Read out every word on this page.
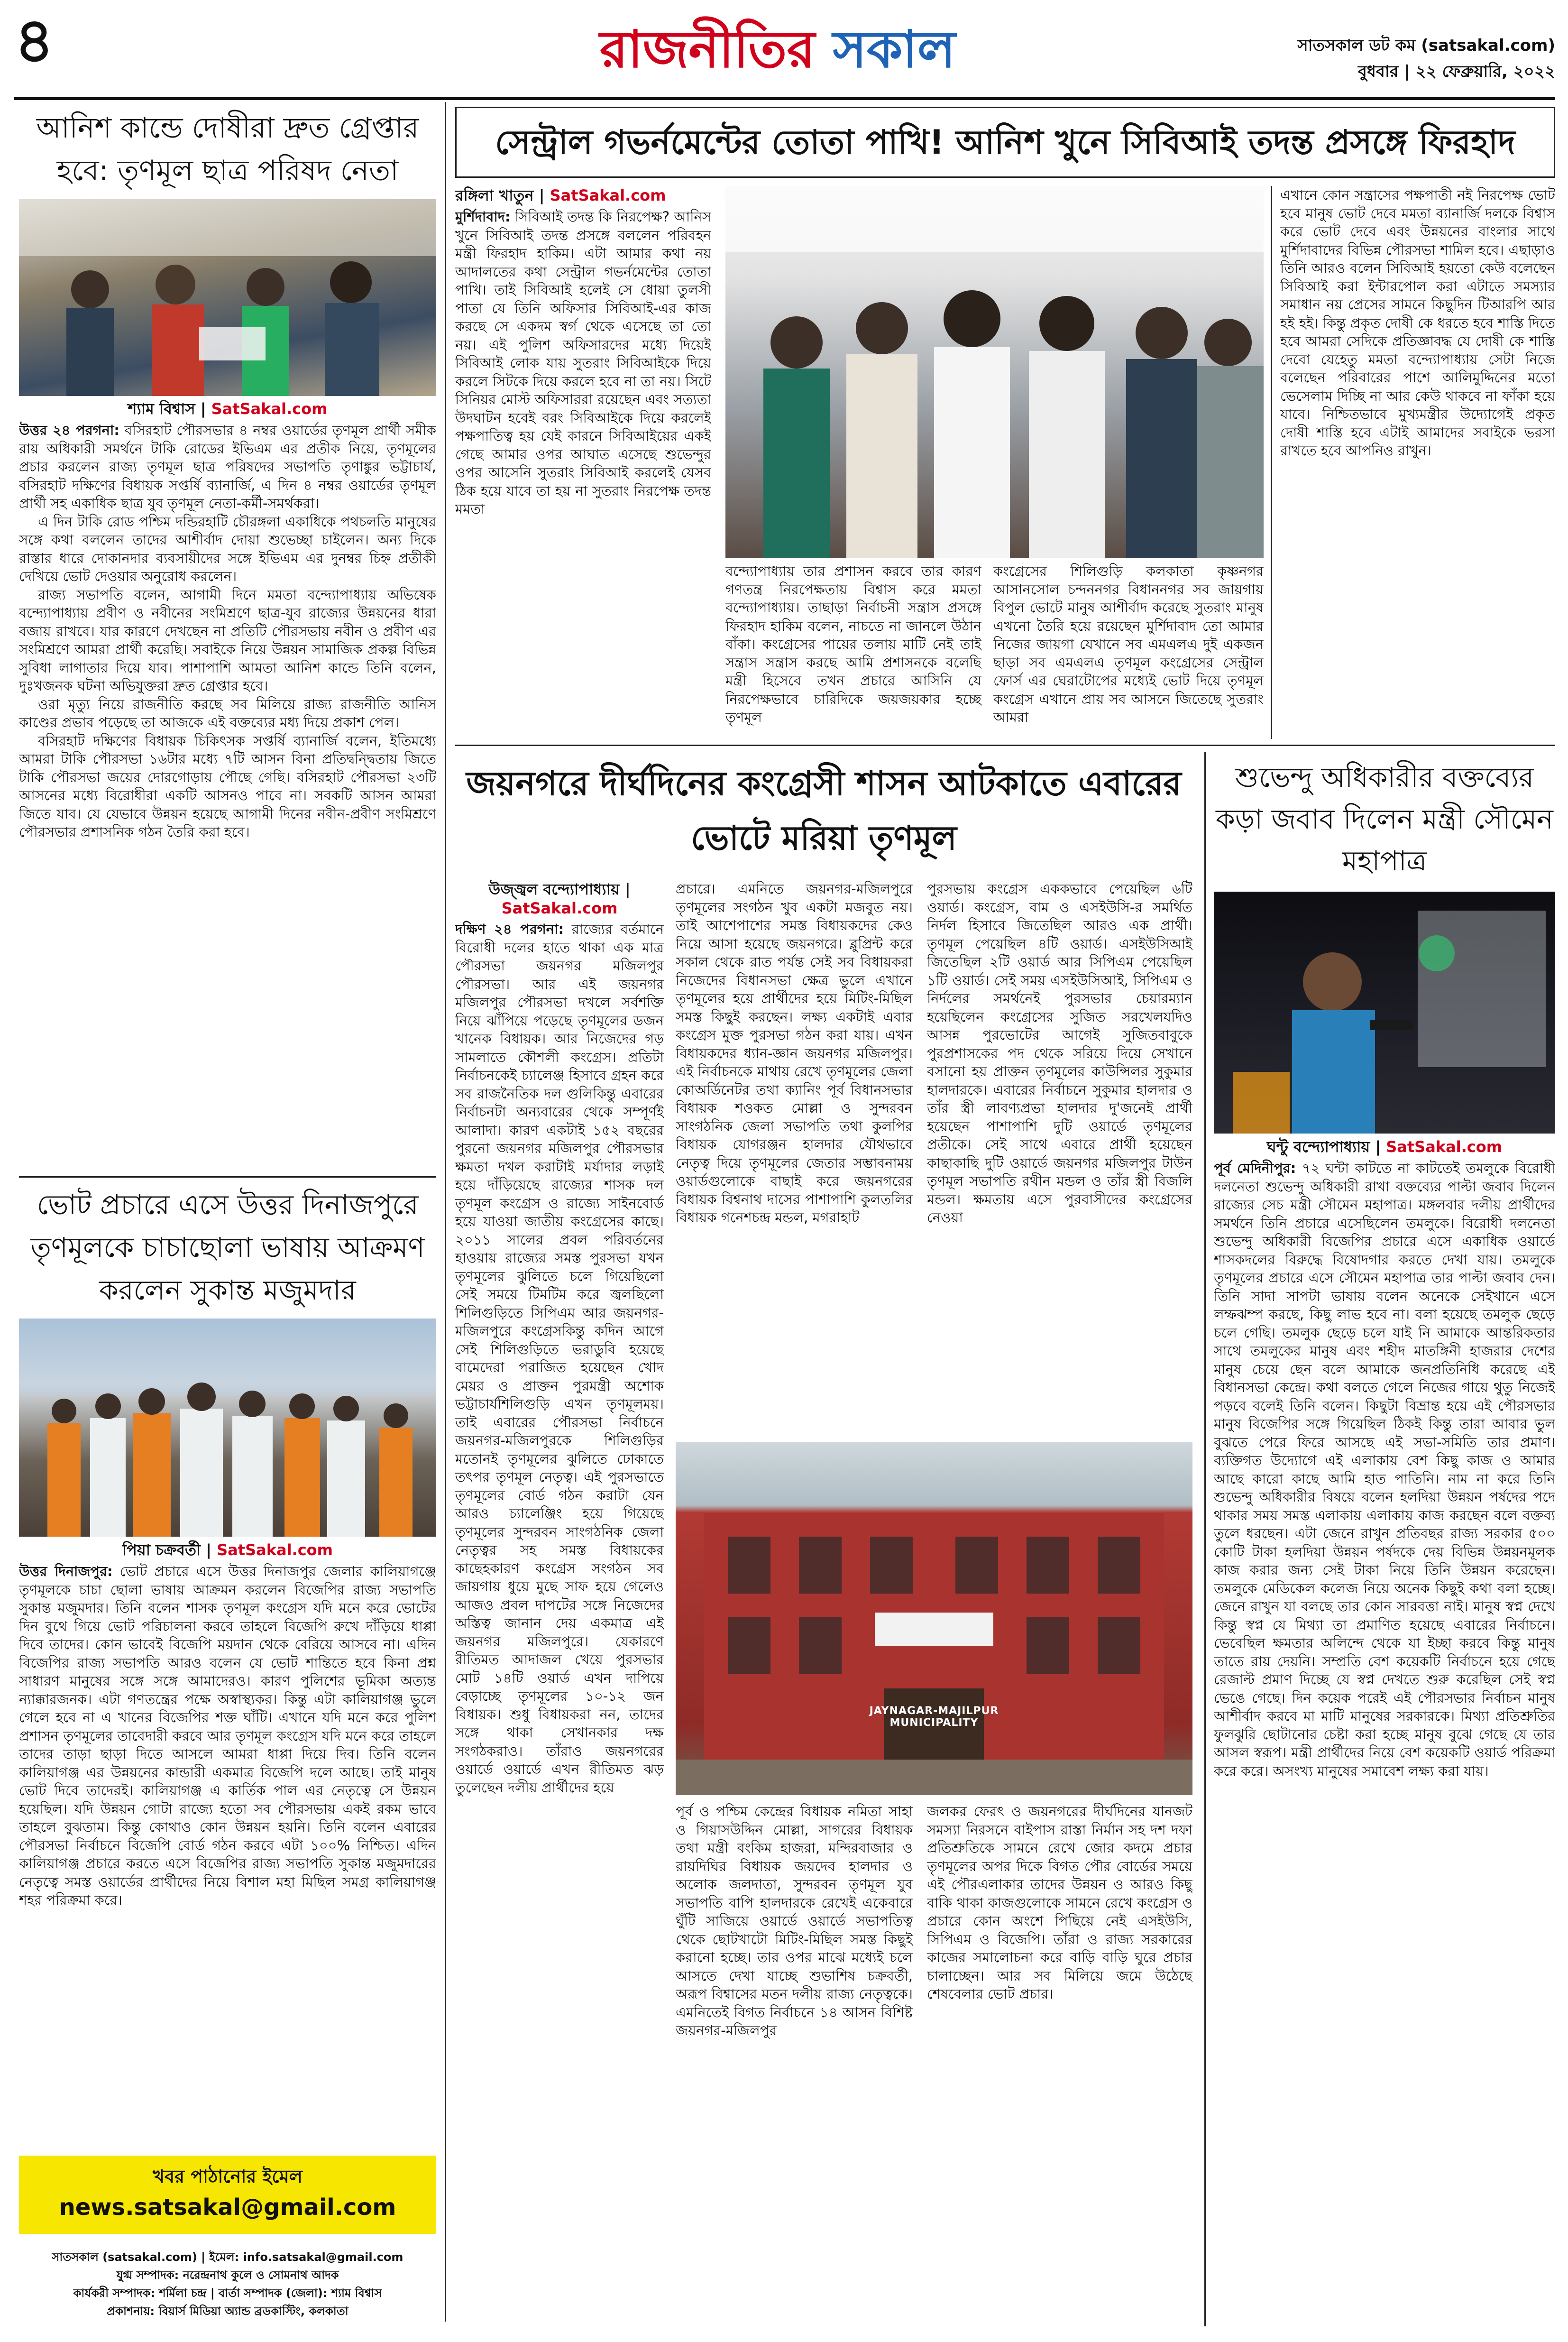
৪	রাজনীতির সকাল	সাতসকাল ডট কম (satsakal.com)
বুধবার | ২২ ফেব্রুয়ারি, ২০২২
আনিশ কান্ডে দোষীরা দ্রুত গ্রেপ্তার হবে: তৃণমূল ছাত্র পরিষদ নেতা
শ্যাম বিশ্বাস | SatSakal.com

উত্তর ২৪ পরগনা: বসিরহাট পৌরসভার ৪ নম্বর ওয়ার্ডের তৃণমূল প্রার্থী সমীক রায় অধিকারী সমর্থনে টাকি রোডের ইভিএম এর প্রতীক নিয়ে, তৃণমূলের প্রচার করলেন রাজ্য তৃণমূল ছাত্র পরিষদের সভাপতি তৃণাঙ্কুর ভট্টাচার্য, বসিরহাট দক্ষিণের বিধায়ক সপ্তর্ষি ব্যানার্জি, এ দিন ৪ নম্বর ওয়ার্ডের তৃণমূল প্রার্থী সহ একাধিক ছাত্র যুব তৃণমূল নেতা-কর্মী-সমর্থকরা।

এ দিন টাকি রোড পশ্চিম দন্ডিরহাটি চৌরঙ্গলা একাধিকে পথচলতি মানুষের সঙ্গে কথা বললেন তাদের আশীর্বাদ দোয়া শুভেচ্ছা চাইলেন। অন্য দিকে রাস্তার ধারে দোকানদার ব্যবসায়ীদের সঙ্গে ইভিএম এর দুনম্বর চিহ্ন প্রতীকী দেখিয়ে ভোট দেওয়ার অনুরোধ করলেন।

রাজ্য সভাপতি বলেন, আগামী দিনে মমতা বন্দ্যোপাধ্যায় অভিষেক বন্দ্যোপাধ্যায় প্রবীণ ও নবীনের সংমিশ্রণে ছাত্র-যুব রাজ্যের উন্নয়নের ধারা বজায় রাখবে। যার কারণে দেখছেন না প্রতিটি পৌরসভায় নবীন ও প্রবীণ এর সংমিশ্রণে আমরা প্রার্থী করেছি। সবাইকে নিয়ে উন্নয়ন সামাজিক প্রকল্প বিভিন্ন সুবিধা লাগাতার দিয়ে যাব। পাশাপাশি আমতা আনিশ কান্ডে তিনি বলেন, দুঃখজনক ঘটনা অভিযুক্তরা দ্রুত গ্রেপ্তার হবে।

ওরা মৃত্যু নিয়ে রাজনীতি করছে সব মিলিয়ে রাজ্য রাজনীতি আনিস কাণ্ডের প্রভাব পড়েছে তা আজকে এই বক্তব্যের মধ্য দিয়ে প্রকাশ পেল।

বসিরহাট দক্ষিণের বিধায়ক চিকিৎসক সপ্তর্ষি ব্যানার্জি বলেন, ইতিমধ্যে আমরা টাকি পৌরসভা ১৬টার মধ্যে ৭টি আসন বিনা প্রতিদ্বন্দ্বিতায় জিতে টাকি পৌরসভা জয়ের দোরগোড়ায় পৌছে গেছি। বসিরহাট পৌরসভা ২৩টি আসনের মধ্যে বিরোধীরা একটি আসনও পাবে না। সবকটি আসন আমরা জিতে যাব। যে যেভাবে উন্নয়ন হয়েছে আগামী দিনের নবীন-প্রবীণ সংমিশ্রণে পৌরসভার প্রশাসনিক গঠন তৈরি করা হবে।

ভোট প্রচারে এসে উত্তর দিনাজপুরে তৃণমূলকে চাচাছোলা ভাষায় আক্রমণ করলেন সুকান্ত মজুমদার
পিয়া চক্রবর্তী | SatSakal.com

উত্তর দিনাজপুর: ভোট প্রচারে এসে উত্তর দিনাজপুর জেলার কালিয়াগঞ্জে তৃণমূলকে চাচা ছোলা ভাষায় আক্রমন করলেন বিজেপির রাজ্য সভাপতি সুকান্ত মজুমদার। তিনি বলেন শাসক তৃণমূল কংগ্রেস যদি মনে করে ভোটের দিন বুথে গিয়ে ভোট পরিচালনা করবে তাহলে বিজেপি রুখে দাঁড়িয়ে ধাপ্পা দিবে তাদের। কোন ভাবেই বিজেপি ময়দান থেকে বেরিয়ে আসবে না। এদিন বিজেপির রাজ্য সভাপতি আরও বলেন যে ভোট শান্তিতে হবে কিনা প্রশ্ন সাধারণ মানুষের সঙ্গে সঙ্গে আমাদেরও। কারণ পুলিশের ভূমিকা অত্যন্ত ন্যাক্কারজনক। এটা গণতন্ত্রের পক্ষে অস্বাস্থ্যকর। কিন্তু এটা কালিয়াগঞ্জ ভুলে গেলে হবে না এ খানের বিজেপির শক্ত ঘাঁটি। এখানে যদি মনে করে পুলিশ প্রশাসন তৃণমূলের তাবেদারী করবে আর তৃণমূল কংগ্রেস যদি মনে করে তাহলে তাদের তাড়া ছাড়া দিতে আসলে আমরা ধাপ্পা দিয়ে দিব। তিনি বলেন কালিয়াগঞ্জ এর উন্নয়নের কান্ডারী একমাত্র বিজেপি দলে আছে। তাই মানুষ ভোট দিবে তাদেরই। কালিয়াগঞ্জ এ কার্তিক পাল এর নেতৃত্বে সে উন্নয়ন হয়েছিল। যদি উন্নয়ন গোটা রাজ্যে হতো সব পৌরসভায় একই রকম ভাবে তাহলে বুঝতাম। কিন্তু কোথাও কোন উন্নয়ন হয়নি। তিনি বলেন এবারের পৌরসভা নির্বাচনে বিজেপি বোর্ড গঠন করবে এটা ১০০% নিশ্চিত। এদিন কালিয়াগঞ্জ প্রচারে করতে এসে বিজেপির রাজ্য সভাপতি সুকান্ত মজুমদারের নেতৃত্বে সমস্ত ওয়ার্ডের প্রার্থীদের নিয়ে বিশাল মহা মিছিল সমগ্র কালিয়াগঞ্জ শহর পরিক্রমা করে।

খবর পাঠানোর ইমেল
news.satsakal@gmail.com
সাতসকাল (satsakal.com) | ইমেল: info.satsakal@gmail.com
যুগ্ম সম্পাদক: নরেন্দ্রনাথ কুলে ও সোমনাথ আদক
কার্যকরী সম্পাদক: শর্মিলা চন্দ্র | বার্তা সম্পাদক (জেলা): শ্যাম বিশ্বাস
প্রকাশনায়: বিয়ার্স মিডিয়া অ্যান্ড ব্রডকাস্টিং, কলকাতা
সেন্ট্রাল গভর্নমেন্টের তোতা পাখি! আনিশ খুনে সিবিআই তদন্ত প্রসঙ্গে ফিরহাদ
রঙ্গিলা খাতুন | SatSakal.com

মুর্শিদাবাদ: সিবিআই তদন্ত কি নিরপেক্ষ? আনিস খুনে সিবিআই তদন্ত প্রসঙ্গে বললেন পরিবহন মন্ত্রী ফিরহাদ হাকিম। এটা আমার কথা নয় আদালতের কথা সেন্ট্রাল গভর্নমেন্টের তোতা পাখি। তাই সিবিআই হলেই সে ধোয়া তুলসী পাতা যে তিনি অফিসার সিবিআই-এর কাজ করছে সে একদম স্বর্গ থেকে এসেছে তা তো নয়। এই পুলিশ অফিসারদের মধ্যে দিয়েই সিবিআই লোক যায় সুতরাং সিবিআইকে দিয়ে করলে সিটকে দিয়ে করলে হবে না তা নয়। সিটে সিনিয়র মোস্ট অফিসাররা রয়েছেন এবং সত্যতা উদঘাটন হবেই বরং সিবিআইকে দিয়ে করলেই পক্ষপাতিত্ব হয় যেই কারনে সিবিআইয়ের একই গেছে আমার ওপর আঘাত এসেছে শুভেন্দুর ওপর আসেনি সুতরাং সিবিআই করলেই যেসব ঠিক হয়ে যাবে তা হয় না সুতরাং নিরপেক্ষ তদন্ত মমতা

বন্দ্যোপাধ্যায় তার প্রশাসন করবে তার কারণ গণতন্ত্র নিরপেক্ষতায় বিশ্বাস করে মমতা বন্দ্যোপাধ্যায়। তাছাড়া নির্বাচনী সন্ত্রাস প্রসঙ্গে ফিরহাদ হাকিম বলেন, নাচতে না জানলে উঠান বাঁকা। কংগ্রেসের পায়ের তলায় মাটি নেই তাই সন্ত্রাস সন্ত্রাস করছে আমি প্রশাসনকে বলেছি মন্ত্রী হিসেবে তখন প্রচারে আসিনি যে নিরপেক্ষভাবে চারিদিকে জয়জয়কার হচ্ছে তৃণমূল
কংগ্রেসের শিলিগুড়ি কলকাতা কৃষ্ণনগর আসানসোল চন্দননগর বিধাননগর সব জায়গায় বিপুল ভোটে মানুষ আশীর্বাদ করেছে সুতরাং মানুষ এখনো তৈরি হয়ে রয়েছেন মুর্শিদাবাদ তো আমার নিজের জায়গা যেখানে সব এমএলএ দুই একজন ছাড়া সব এমএলএ তৃণমূল কংগ্রেসের সেন্ট্রাল ফোর্স এর ঘেরাটোপের মধ্যেই ভোট দিয়ে তৃণমূল কংগ্রেস এখানে প্রায় সব আসনে জিতেছে সুতরাং আমরা
এখানে কোন সন্ত্রাসের পক্ষপাতী নই নিরপেক্ষ ভোট হবে মানুষ ভোট দেবে মমতা ব্যানার্জি দলকে বিশ্বাস করে ভোট দেবে এবং উন্নয়নের বাংলার সাথে মুর্শিদাবাদের বিভিন্ন পৌরসভা শামিল হবে। এছাড়াও তিনি আরও বলেন সিবিআই হয়তো কেউ বলেছেন সিবিআই করা ইন্টারপোল করা এটাতে সমস্যার সমাধান নয় প্রেসের সামনে কিছুদিন টিআরপি আর হই হই। কিন্তু প্রকৃত দোষী কে ধরতে হবে শাস্তি দিতে হবে আমরা সেদিকে প্রতিজ্ঞাবদ্ধ যে দোষী কে শাস্তি দেবো যেহেতু মমতা বন্দ্যোপাধ্যায় সেটা নিজে বলেছেন পরিবারের পাশে আলিমুদ্দিনের মতো ভেসেলাম দিচ্ছি না আর কেউ থাকবে না ফাঁকা হয়ে যাবে। নিশ্চিতভাবে মুখ্যমন্ত্রীর উদ্যোগেই প্রকৃত দোষী শাস্তি হবে এটাই আমাদের সবাইকে ভরসা রাখতে হবে আপনিও রাখুন।
জয়নগরে দীর্ঘদিনের কংগ্রেসী শাসন আটকাতে এবারের ভোটে মরিয়া তৃণমূল
উজ্জ্বল বন্দ্যোপাধ্যায় |
SatSakal.com

দক্ষিণ ২৪ পরগনা: রাজ্যের বর্তমানে বিরোধী দলের হাতে থাকা এক মাত্র পৌরসভা জয়নগর মজিলপুর পৌরসভা। আর এই জয়নগর মজিলপুর পৌরসভা দখলে সর্বশক্তি নিয়ে ঝাঁপিয়ে পড়েছে তৃণমূলের ডজন খানেক বিধায়ক। আর নিজেদের গড় সামলাতে কৌশলী কংগ্রেস। প্রতিটা নির্বাচনকেই চ্যালেঞ্জ হিসাবে গ্রহন করে সব রাজনৈতিক দল গুলিকিন্তু এবারের নির্বাচনটা অন্যবারের থেকে সম্পূর্ণই আলাদা। কারণ একটাই ১৫২ বছরের পুরনো জয়নগর মজিলপুর পৌরসভার ক্ষমতা দখল করাটাই মর্যাদার লড়াই হয়ে দাঁড়িয়েছে রাজ্যের শাসক দল তৃণমূল কংগ্রেস ও রাজ্যে সাইনবোর্ড হয়ে যাওয়া জাতীয় কংগ্রেসের কাছে। ২০১১ সালের প্রবল পরিবর্তনের হাওয়ায় রাজ্যের সমস্ত পুরসভা যখন তৃণমূলের ঝুলিতে চলে গিয়েছিলো সেই সময়ে টিমটিম করে জ্বলছিলো শিলিগুড়িতে সিপিএম আর জয়নগর-মজিলপুরে কংগ্রেসকিন্তু কদিন আগে সেই শিলিগুড়িতে ভরাডুবি হয়েছে বামেদেরা পরাজিত হয়েছেন খোদ মেয়র ও প্রাক্তন পুরমন্ত্রী অশোক ভট্টাচার্যশিলিগুড়ি এখন তৃণমূলময়। তাই এবারের পৌরসভা নির্বাচনে জয়নগর-মজিলপুরকে শিলিগুড়ির মতোনই তৃণমূলের ঝুলিতে ঢোকাতে তৎপর তৃণমূল নেতৃত্ব। এই পুরসভাতে তৃণমূলের বোর্ড গঠন করাটা যেন আরও চ্যালেঞ্জিং হয়ে গিয়েছে তৃণমূলের সুন্দরবন সাংগঠনিক জেলা নেতৃত্বর সহ সমস্ত বিধায়কের কাছেহকারণ কংগ্রেস সংগঠন সব জায়গায় ধুয়ে মুছে সাফ হয়ে গেলেও আজও প্রবল দাপটের সঙ্গে নিজেদের অস্তিত্ব জানান দেয় একমাত্র এই জয়নগর মজিলপুরে। যেকারণে রীতিমত আদাজল খেয়ে পুরসভার মোট ১৪টি ওয়ার্ড এখন দাপিয়ে বেড়াচ্ছে তৃণমূলের ১০-১২ জন বিধায়ক। শুধু বিধায়করা নন, তাদের সঙ্গে থাকা সেখানকার দক্ষ সংগঠকরাও। তাঁরাও জয়নগরের ওয়ার্ডে ওয়ার্ডে এখন রীতিমত ঝড় তুলেছেন দলীয় প্রার্থীদের হয়ে

প্রচারে। এমনিতে জয়নগর-মজিলপুরে তৃণমূলের সংগঠন খুব একটা মজবুত নয়। তাই আশেপাশের সমস্ত বিধায়কদের কেও নিয়ে আসা হয়েছে জয়নগরে। ব্লুপ্রিন্ট করে সকাল থেকে রাত পর্যন্ত সেই সব বিধায়করা নিজেদের বিধানসভা ক্ষেত্র ভুলে এখানে তৃণমূলের হয়ে প্রার্থীদের হয়ে মিটিং-মিছিল সমস্ত কিছুই করছেন। লক্ষ্য একটাই এবার কংগ্রেস মুক্ত পুরসভা গঠন করা যায়। এখন বিধায়কদের ধ্যান-জ্ঞান জয়নগর মজিলপুর। এই নির্বাচনকে মাথায় রেখে তৃণমূলের জেলা কোঅর্ডিনেটর তথা ক্যানিং পূর্ব বিধানসভার বিধায়ক শওকত মোল্লা ও সুন্দরবন সাংগঠনিক জেলা সভাপতি তথা কুলপির বিধায়ক যোগরঞ্জন হালদার যৌথভাবে নেতৃত্ব দিয়ে তৃণমূলের জেতার সম্ভাবনাময় ওয়ার্ডগুলোকে বাছাই করে জয়নগরের বিধায়ক বিশ্বনাথ দাসের পাশাপাশি কুলতলির বিধায়ক গনেশচন্দ্র মন্ডল, মগরাহাট
পুরসভায় কংগ্রেস এককভাবে পেয়েছিল ৬টি ওয়ার্ড। কংগ্রেস, বাম ও এসইউসি-র সমর্থিত নির্দল হিসাবে জিতেছিল আরও এক প্রার্থী। তৃণমূল পেয়েছিল ৪টি ওয়ার্ড। এসইউসিআই জিতেছিল ২টি ওয়ার্ড আর সিপিএম পেয়েছিল ১টি ওয়ার্ড। সেই সময় এসইউসিআই, সিপিএম ও নির্দলের সমর্থনেই পুরসভার চেয়ারম্যান হয়েছিলেন কংগ্রেসের সুজিত সরখেলযদিও আসন্ন পুরভোটের আগেই সুজিতবাবুকে পুরপ্রশাসকের পদ থেকে সরিয়ে দিয়ে সেখানে বসানো হয় প্রাক্তন তৃণমূলের কাউন্সিলর সুকুমার হালদারকে। এবারের নির্বাচনে সুকুমার হালদার ও তাঁর স্ত্রী লাবণ্যপ্রভা হালদার দু'জনেই প্রার্থী হয়েছেন পাশাপাশি দুটি ওয়ার্ডে তৃণমূলের প্রতীকে। সেই সাথে এবারে প্রার্থী হয়েছেন কাছাকাছি দুটি ওয়ার্ডে জয়নগর মজিলপুর টাউন তৃণমূল সভাপতি রথীন মন্ডল ও তাঁর স্ত্রী বিজলি মন্ডল। ক্ষমতায় এসে পুরবাসীদের কংগ্রেসের নেওয়া
JAYNAGAR-MAJILPUR MUNICIPALITY
পূর্ব ও পশ্চিম কেন্দ্রের বিধায়ক নমিতা সাহা ও গিয়াসউদ্দিন মোল্লা, সাগরের বিধায়ক তথা মন্ত্রী বংকিম হাজরা, মন্দিরবাজার ও রায়দিঘির বিধায়ক জয়দেব হালদার ও অলোক জলদাতা, সুন্দরবন তৃণমূল যুব সভাপতি বাপি হালদারকে রেখেই একেবারে ঘুঁটি সাজিয়ে ওয়ার্ডে ওয়ার্ডে সভাপতিত্ব থেকে ছোটখাটো মিটিং-মিছিল সমস্ত কিছুই করানো হচ্ছে। তার ওপর মাঝে মধ্যেই চলে আসতে দেখা যাচ্ছে শুভাশিষ চক্রবর্তী, অরূপ বিশ্বাসের মতন দলীয় রাজ্য নেতৃত্বকে। এমনিতেই বিগত নির্বাচনে ১৪ আসন বিশিষ্ট জয়নগর-মজিলপুর
জলকর ফেরৎ ও জয়নগরের দীর্ঘদিনের যানজট সমস্যা নিরসনে বাইপাস রাস্তা নির্মান সহ দশ দফা প্রতিশ্রুতিকে সামনে রেখে জোর কদমে প্রচার তৃণমূলের অপর দিকে বিগত পৌর বোর্ডের সময়ে এই পৌরএলাকার তাদের উন্নয়ন ও আরও কিছু বাকি থাকা কাজগুলোকে সামনে রেখে কংগ্রেস ও প্রচারে কোন অংশে পিছিয়ে নেই এসইউসি, সিপিএম ও বিজেপি। তাঁরা ও রাজ্য সরকারের কাজের সমালোচনা করে বাড়ি বাড়ি ঘুরে প্রচার চালাচ্ছেন। আর সব মিলিয়ে জমে উঠেছে শেষবেলার ভোট প্রচার।
শুভেন্দু অধিকারীর বক্তব্যের কড়া জবাব দিলেন মন্ত্রী সৌমেন মহাপাত্র
ঘন্টু বন্দ্যোপাধ্যায় | SatSakal.com

পূর্ব মেদিনীপুর: ৭২ ঘন্টা কাটতে না কাটতেই তমলুকে বিরোধী দলনেতা শুভেন্দু অধিকারী রাখা বক্তব্যের পাল্টা জবাব দিলেন রাজ্যের সেচ মন্ত্রী সৌমেন মহাপাত্র। মঙ্গলবার দলীয় প্রার্থীদের সমর্থনে তিনি প্রচারে এসেছিলেন তমলুকে। বিরোধী দলনেতা শুভেন্দু অধিকারী বিজেপির প্রচারে এসে একাধিক ওয়ার্ডে শাসকদলের বিরুদ্ধে বিষোদগার করতে দেখা যায়। তমলুকে তৃণমূলের প্রচারে এসে সৌমেন মহাপাত্র তার পাল্টা জবাব দেন। তিনি সাদা সাপটা ভাষায় বলেন অনেকে সেইখানে এসে লম্ফঝম্প করছে, কিছু লাভ হবে না। বলা হয়েছে তমলুক ছেড়ে চলে গেছি। তমলুক ছেড়ে চলে যাই নি আমাকে আন্তরিকতার সাথে তমলুকের মানুষ এবং শহীদ মাতঙ্গিনী হাজরার দেশের মানুষ চেয়ে ছেন বলে আমাকে জনপ্রতিনিধি করেছে এই বিধানসভা কেন্দ্রে। কথা বলতে গেলে নিজের গায়ে থুতু নিজেই পড়বে বলেই তিনি বলেন। কিছুটা বিভ্রান্ত হয়ে এই পৌরসভার মানুষ বিজেপির সঙ্গে গিয়েছিল ঠিকই কিন্তু তারা আবার ভুল বুঝতে পেরে ফিরে আসছে এই সভা-সমিতি তার প্রমাণ। ব্যক্তিগত উদ্যোগে এই এলাকায় বেশ কিছু কাজ ও আমার আছে কারো কাছে আমি হাত পাতিনি। নাম না করে তিনি শুভেন্দু অধিকারীর বিষয়ে বলেন হলদিয়া উন্নয়ন পর্ষদের পদে থাকার সময় সমস্ত এলাকায় এলাকায় কাজ করছেন বলে বক্তব্য তুলে ধরছেন। এটা জেনে রাখুন প্রতিবছর রাজ্য সরকার ৫০০ কোটি টাকা হলদিয়া উন্নয়ন পর্ষদকে দেয় বিভিন্ন উন্নয়নমূলক কাজ করার জন্য সেই টাকা নিয়ে তিনি উন্নয়ন করেছেন। তমলুকে মেডিকেল কলেজ নিয়ে অনেক কিছুই কথা বলা হচ্ছে। জেনে রাখুন যা বলছে তার কোন সারবত্তা নাই। মানুষ স্বপ্ন দেখে কিন্তু স্বপ্ন যে মিথ্যা তা প্রমাণিত হয়েছে এবারের নির্বাচনে। ভেবেছিল ক্ষমতার অলিন্দে থেকে যা ইচ্ছা করবে কিন্তু মানুষ তাতে রায় দেয়নি। সম্প্রতি বেশ কয়েকটি নির্বাচনে হয়ে গেছে রেজাল্ট প্রমাণ দিচ্ছে যে স্বপ্ন দেখতে শুরু করেছিল সেই স্বপ্ন ভেঙে গেছে। দিন কয়েক পরেই এই পৌরসভার নির্বাচন মানুষ আশীর্বাদ করবে মা মাটি মানুষের সরকারকে। মিথ্যা প্রতিশ্রুতির ফুলঝুরি ছোটানোর চেষ্টা করা হচ্ছে মানুষ বুঝে গেছে যে তার আসল স্বরূপ। মন্ত্রী প্রার্থীদের নিয়ে বেশ কয়েকটি ওয়ার্ড পরিক্রমা করে করে। অসংখ্য মানুষের সমাবেশ লক্ষ্য করা যায়।
